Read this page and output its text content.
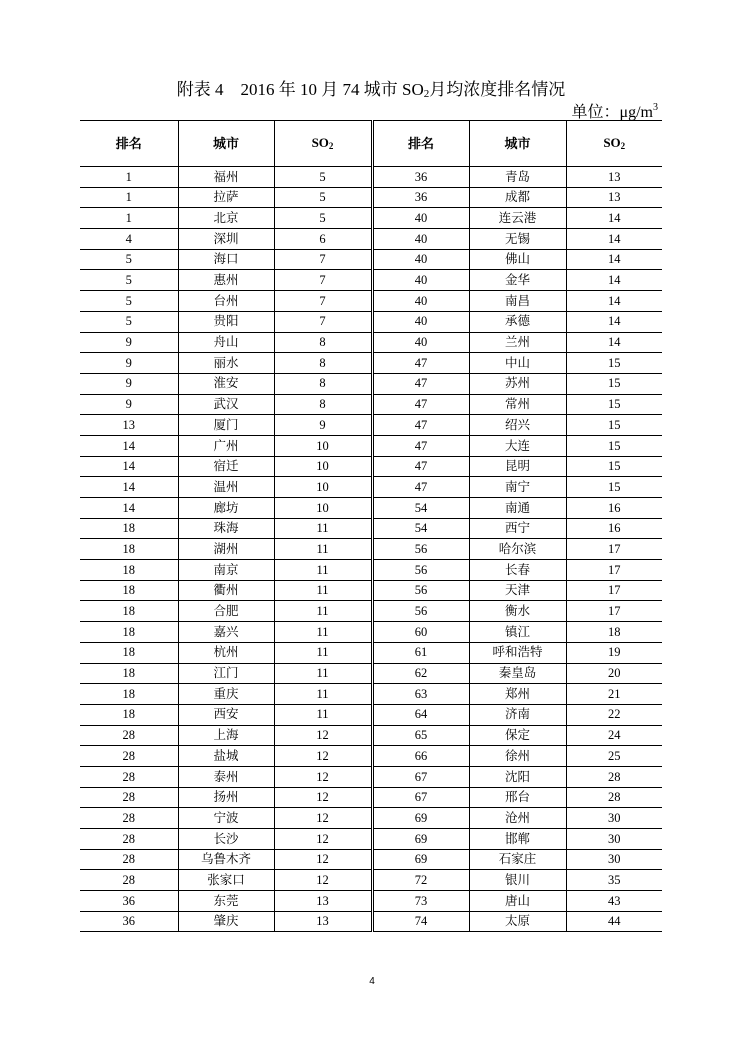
附表 4　2016 年 10 月 74 城市 $SO_2$月均浓度排名情况
单位：$\mu g/m^3$
排名	城市	$SO_2$	排名	城市	$SO_2$
1	福州	5	36	青岛	13
1	拉萨	5	36	成都	13
1	北京	5	40	连云港	14
4	深圳	6	40	无锡	14
5	海口	7	40	佛山	14
5	惠州	7	40	金华	14
5	台州	7	40	南昌	14
5	贵阳	7	40	承德	14
9	舟山	8	40	兰州	14
9	丽水	8	47	中山	15
9	淮安	8	47	苏州	15
9	武汉	8	47	常州	15
13	厦门	9	47	绍兴	15
14	广州	10	47	大连	15
14	宿迁	10	47	昆明	15
14	温州	10	47	南宁	15
14	廊坊	10	54	南通	16
18	珠海	11	54	西宁	16
18	湖州	11	56	哈尔滨	17
18	南京	11	56	长春	17
18	衢州	11	56	天津	17
18	合肥	11	56	衡水	17
18	嘉兴	11	60	镇江	18
18	杭州	11	61	呼和浩特	19
18	江门	11	62	秦皇岛	20
18	重庆	11	63	郑州	21
18	西安	11	64	济南	22
28	上海	12	65	保定	24
28	盐城	12	66	徐州	25
28	泰州	12	67	沈阳	28
28	扬州	12	67	邢台	28
28	宁波	12	69	沧州	30
28	长沙	12	69	邯郸	30
28	乌鲁木齐	12	69	石家庄	30
28	张家口	12	72	银川	35
36	东莞	13	73	唐山	43
36	肇庆	13	74	太原	44
4
